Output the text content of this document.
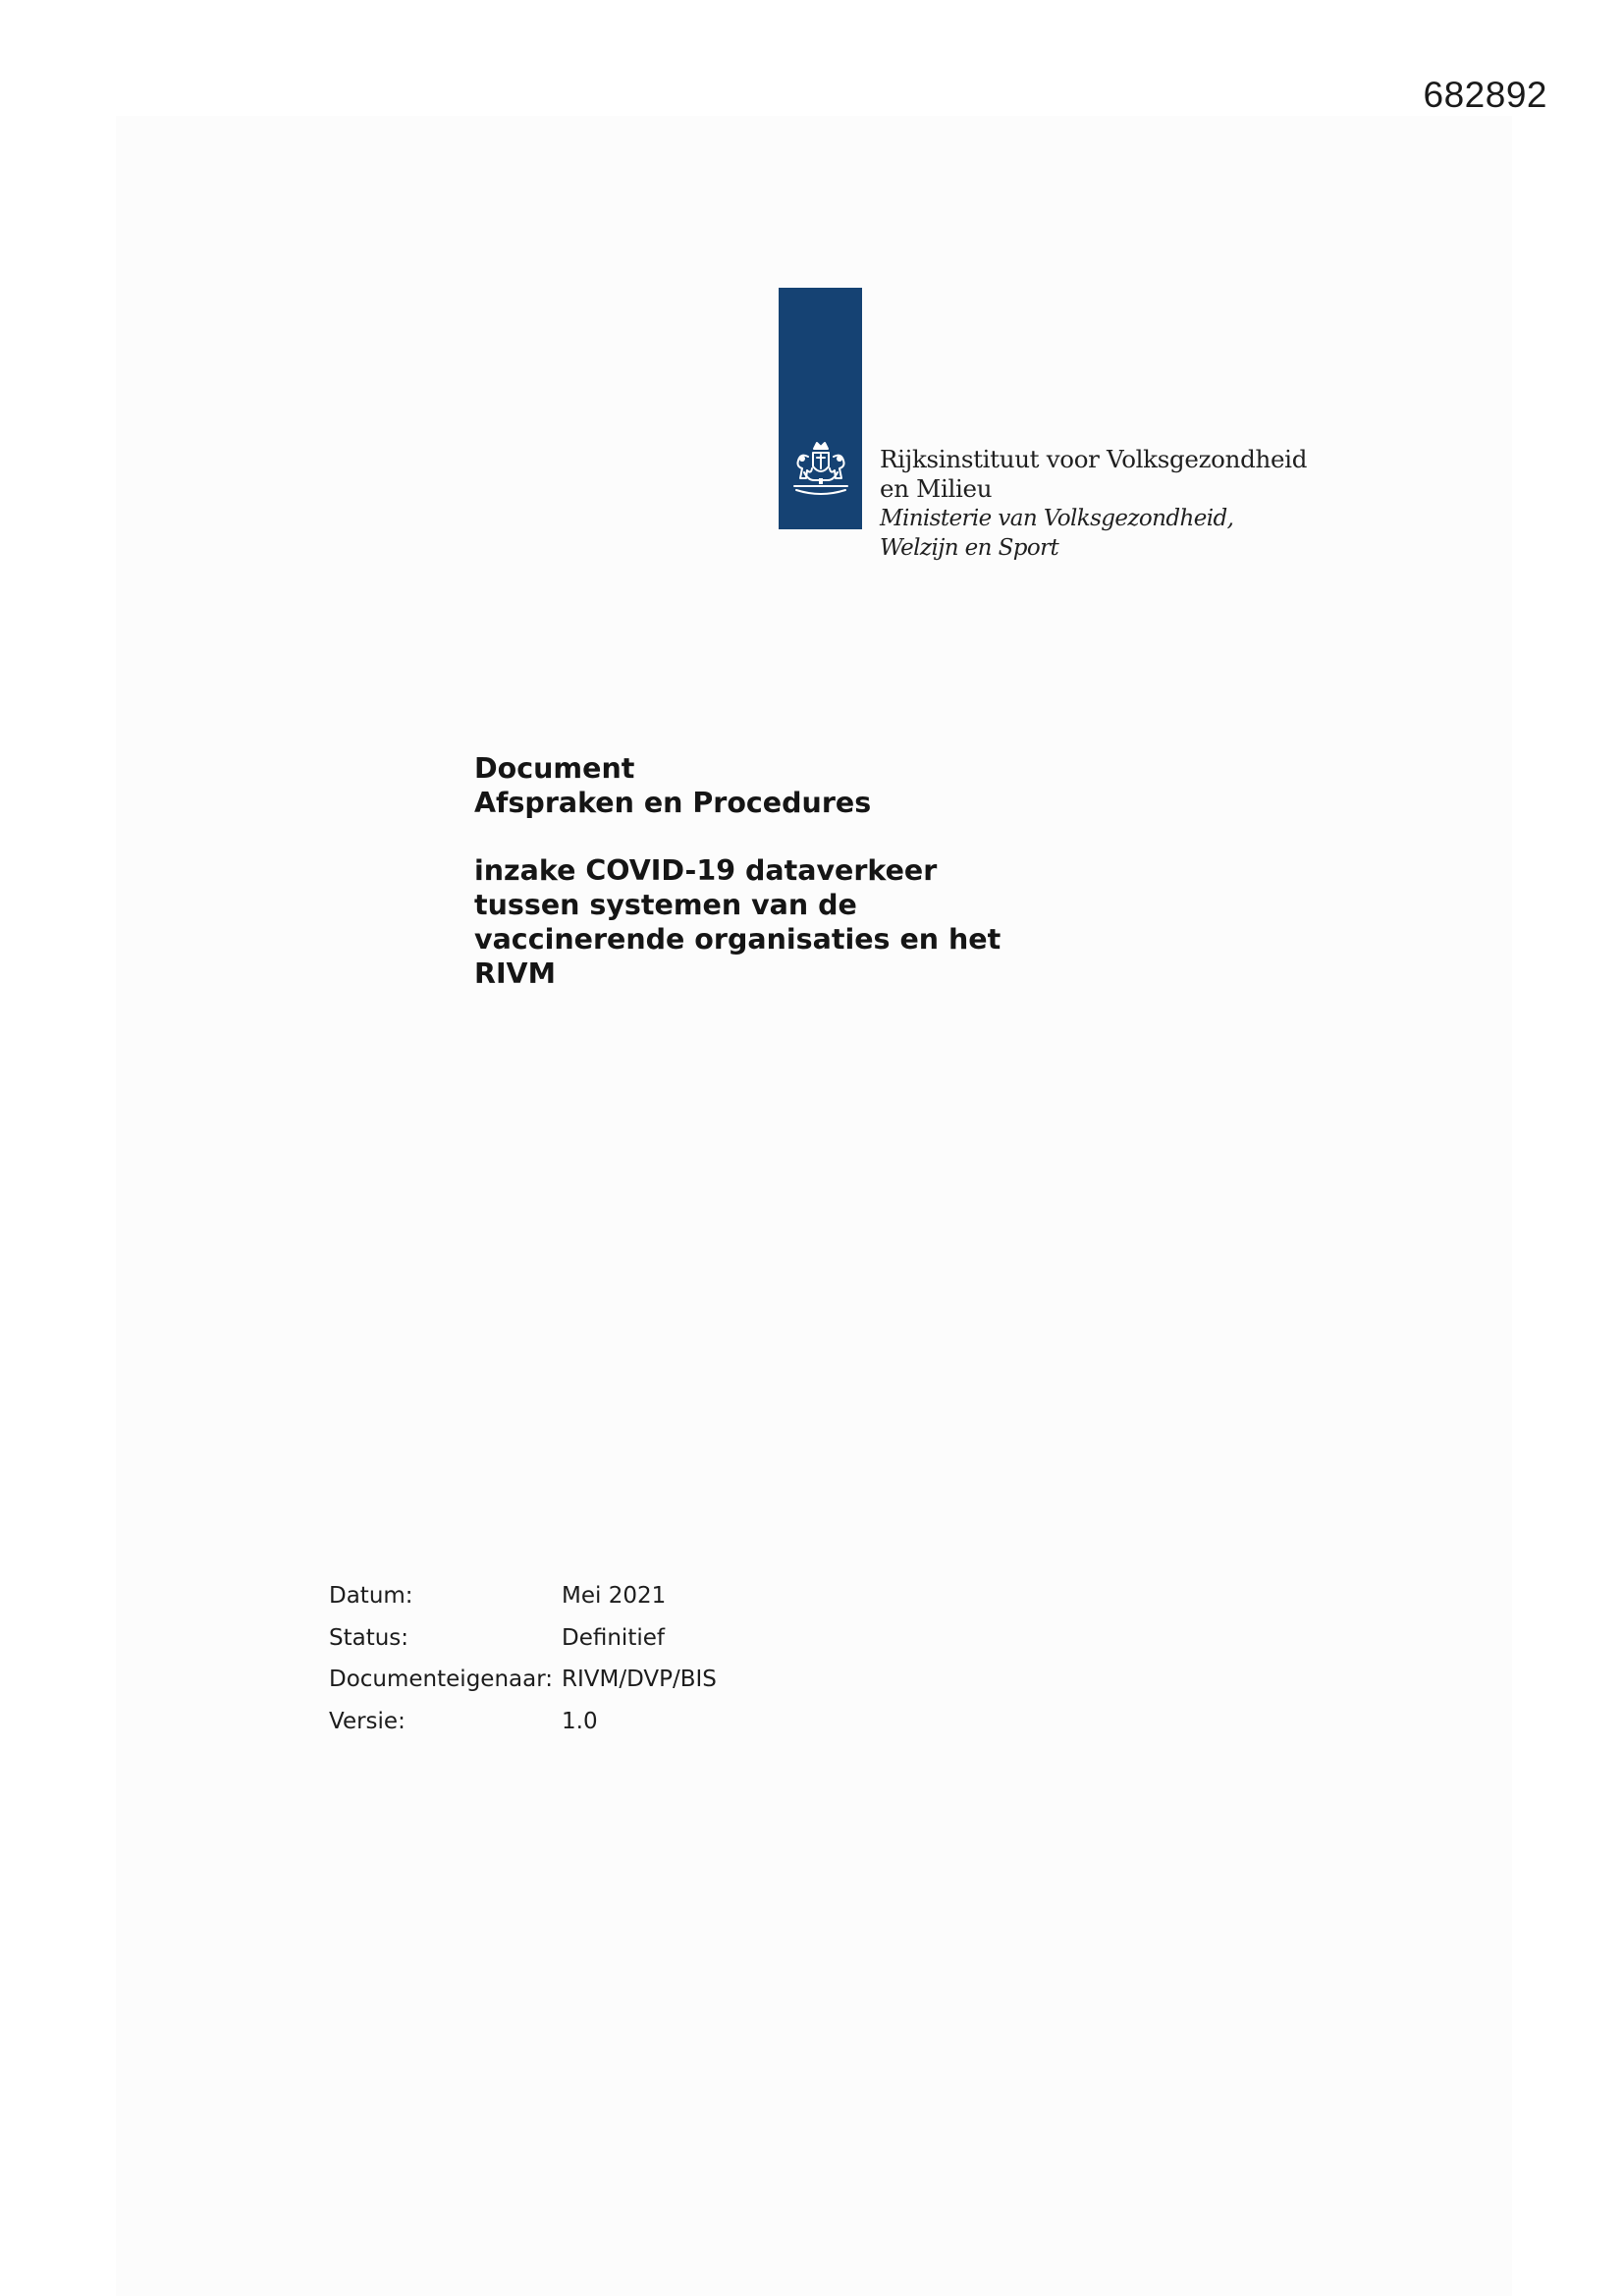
682892
Rijksinstituut voor Volksgezondheid
en Milieu
Ministerie van Volksgezondheid,
Welzijn en Sport
Document
Afspraken en Procedures
inzake COVID-19 dataverkeer
tussen systemen van de
vaccinerende organisaties en het
RIVM
Datum:	Mei 2021
Status:	Definitief
Documenteigenaar: RIVM/DVP/BIS
Versie:	1.0
